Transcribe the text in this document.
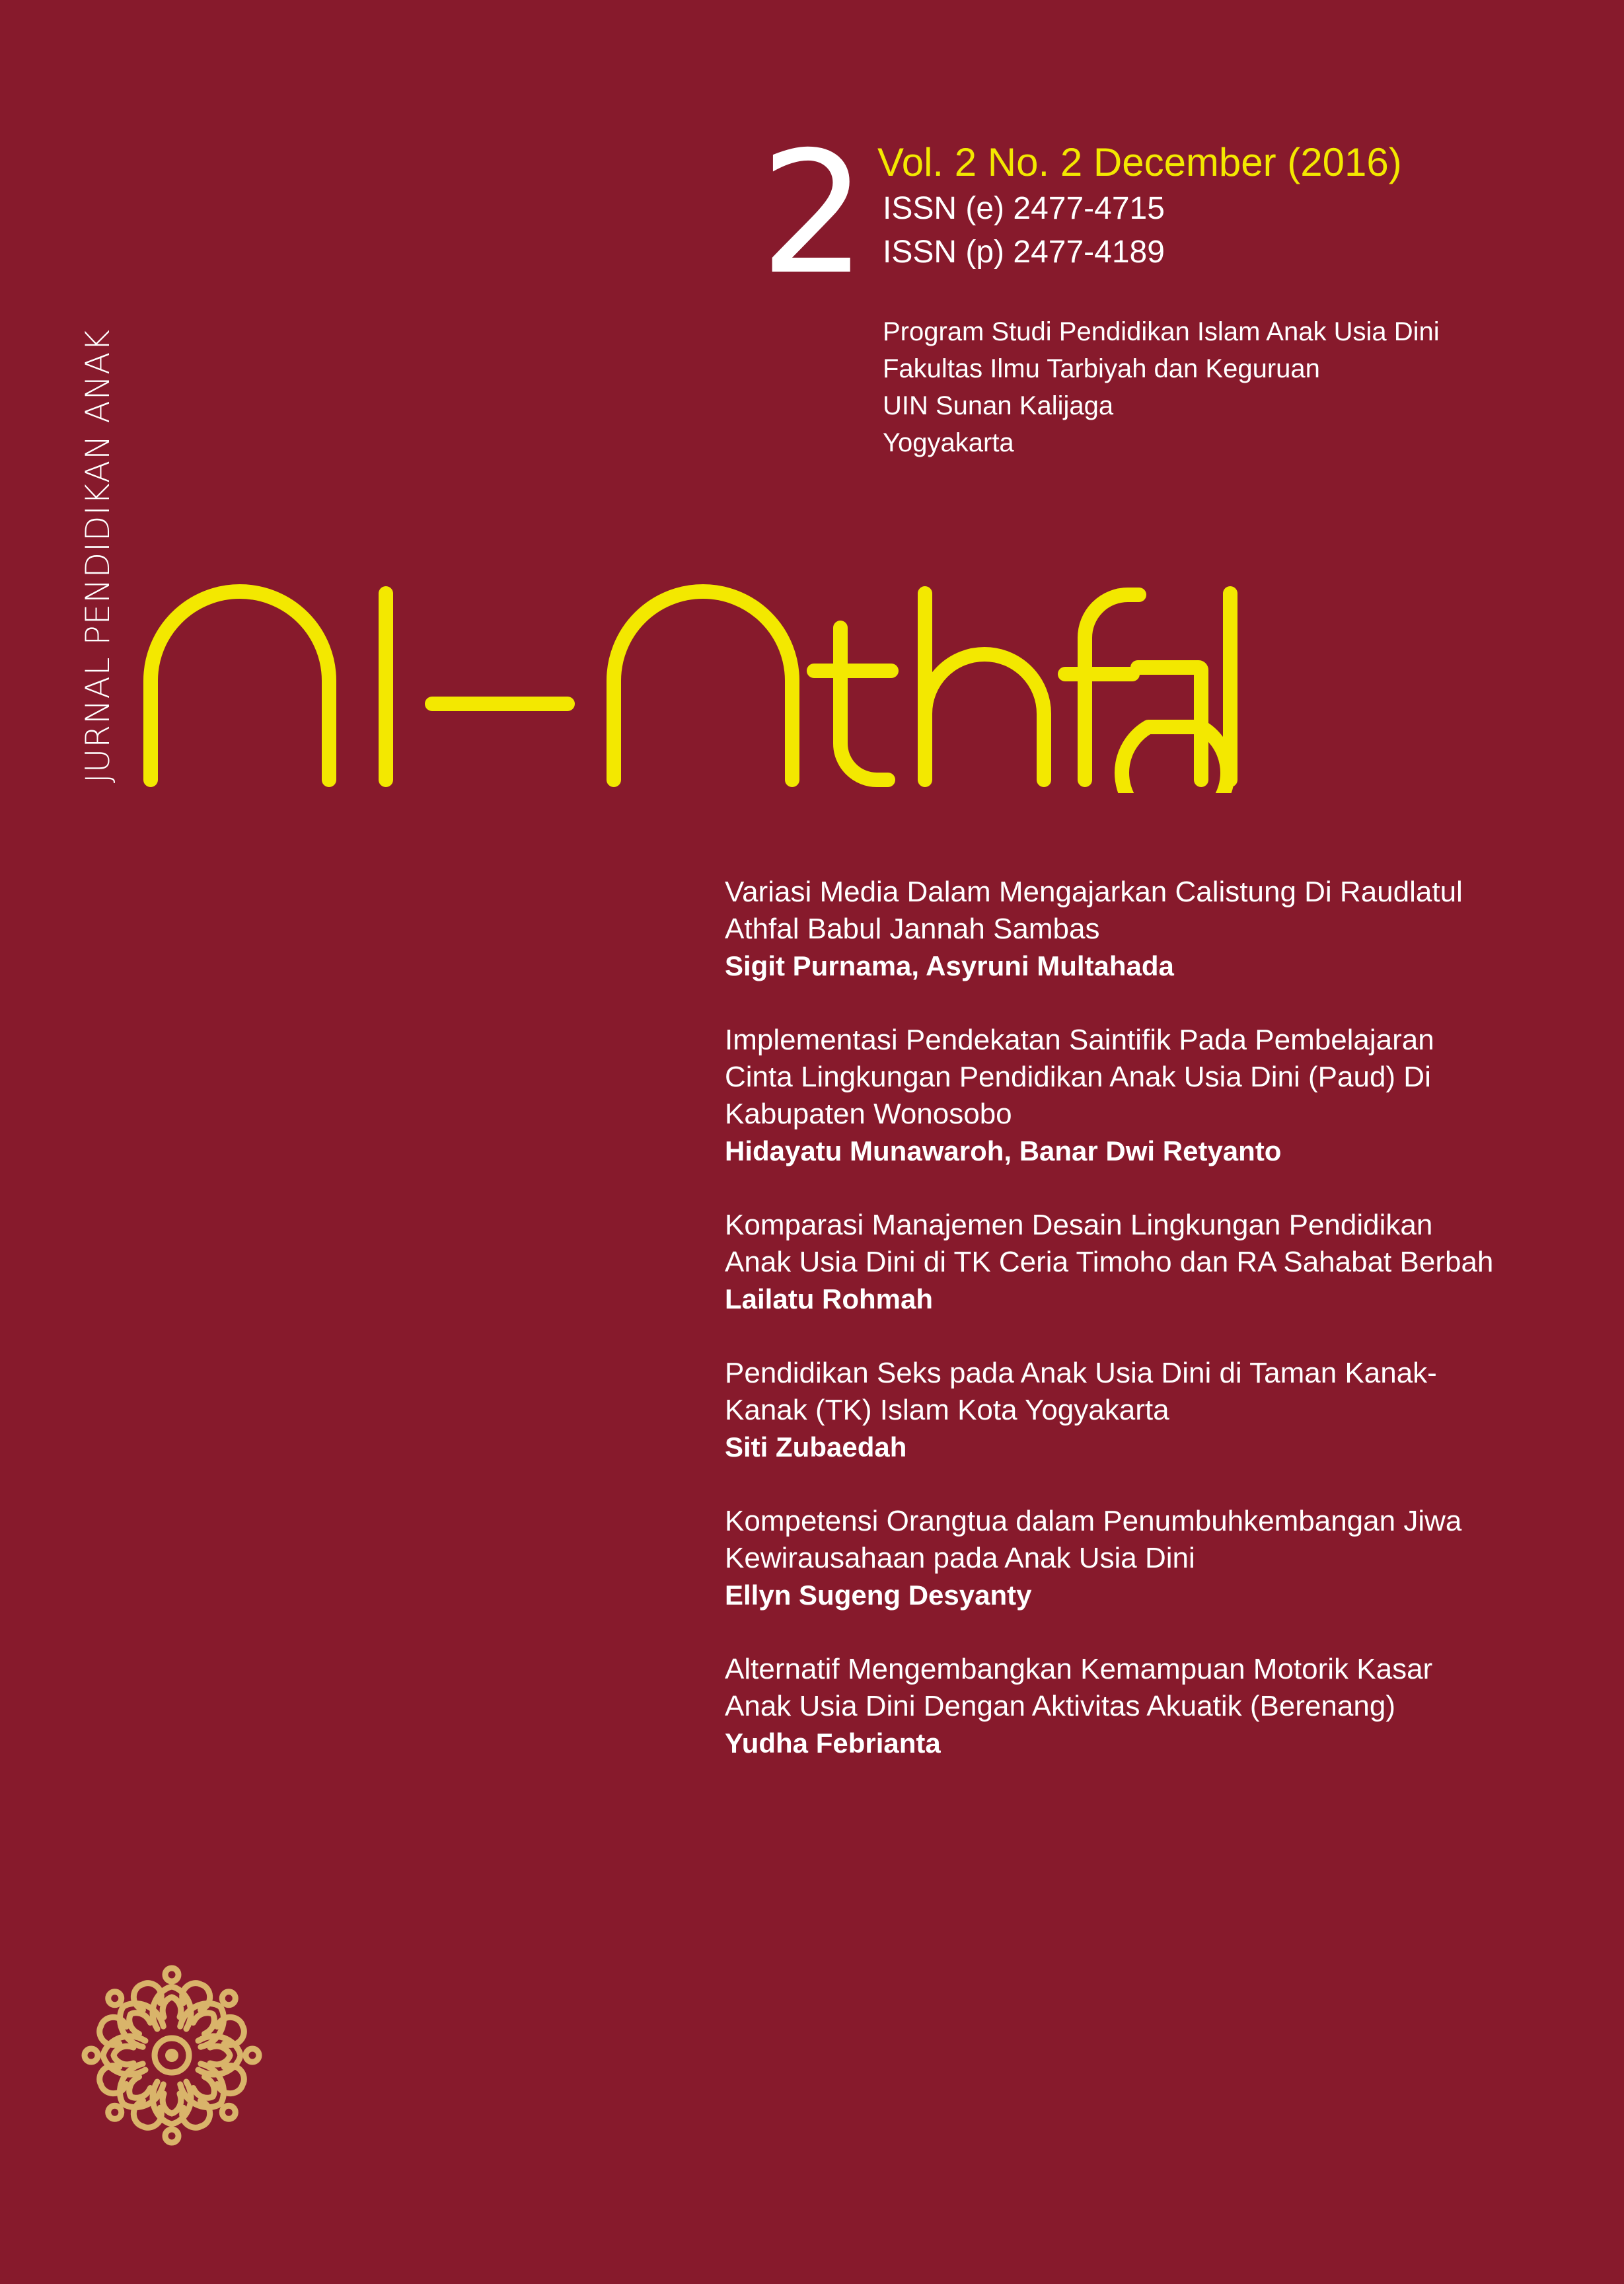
JURNAL PENDIDIKAN ANAK
2 Vol. 2 No. 2 December (2016)
ISSN (e) 2477-4715
ISSN (p) 2477-4189
Program Studi Pendidikan Islam Anak Usia Dini
Fakultas Ilmu Tarbiyah dan Keguruan
UIN Sunan Kalijaga
Yogyakarta
Variasi Media Dalam Mengajarkan Calistung Di Raudlatul
Athfal Babul Jannah Sambas
Sigit Purnama, Asyruni Multahada
Implementasi Pendekatan Saintifik Pada Pembelajaran
Cinta Lingkungan Pendidikan Anak Usia Dini (Paud) Di
Kabupaten Wonosobo
Hidayatu Munawaroh, Banar Dwi Retyanto
Komparasi Manajemen Desain Lingkungan Pendidikan
Anak Usia Dini di TK Ceria Timoho dan RA Sahabat Berbah
Lailatu Rohmah
Pendidikan Seks pada Anak Usia Dini di Taman Kanak-
Kanak (TK) Islam Kota Yogyakarta
Siti Zubaedah
Kompetensi Orangtua dalam Penumbuhkembangan Jiwa
Kewirausahaan pada Anak Usia Dini
Ellyn Sugeng Desyanty
Alternatif Mengembangkan Kemampuan Motorik Kasar
Anak Usia Dini Dengan Aktivitas Akuatik (Berenang)
Yudha Febrianta
